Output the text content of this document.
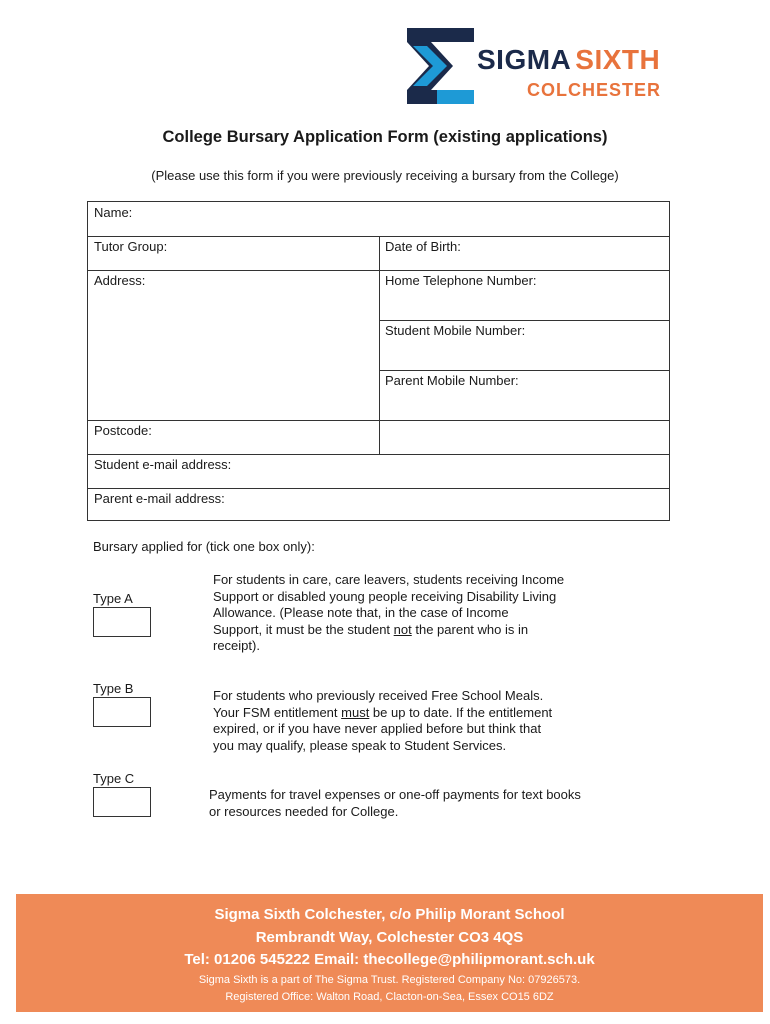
SIGMA SIXTH
COLCHESTER
College Bursary Application Form (existing applications)
(Please use this form if you were previously receiving a bursary from the College)
Name:
Tutor Group:	Date of Birth:
Address:	Home Telephone Number:
Student Mobile Number:
Parent Mobile Number:
Postcode:
Student e-mail address:
Parent e-mail address:
Bursary applied for (tick one box only):
Type A
For students in care, care leavers, students receiving Income
Support or disabled young people receiving Disability Living
Allowance. (Please note that, in the case of Income
Support, it must be the student not the parent who is in
receipt).
Type B	For students who previously received Free School Meals.
Your FSM entitlement must be up to date. If the entitlement
expired, or if you have never applied before but think that
you may qualify, please speak to Student Services.
Type C
Payments for travel expenses or one-off payments for text books
or resources needed for College.
Sigma Sixth Colchester, c/o Philip Morant School
Rembrandt Way, Colchester CO3 4QS
Tel: 01206 545222 Email: thecollege@philipmorant.sch.uk
Sigma Sixth is a part of The Sigma Trust. Registered Company No: 07926573.
Registered Office: Walton Road, Clacton-on-Sea, Essex CO15 6DZ
